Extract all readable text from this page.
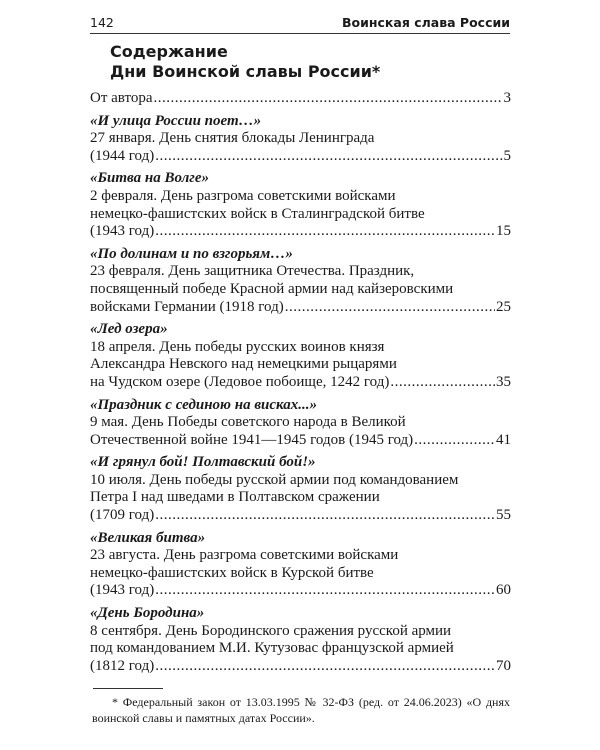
142	Воинская слава России
Содержание
Дни Воинской славы России*
От автора .....	3
«И улица России поет…»
27 января. День снятия блокады Ленинграда
(1944 год) .....	5
«Битва на Волге»
2 февраля. День разгрома советскими войсками
немецко-фашистских войск в Сталинградской битве
(1943 год) .....	15
«По долинам и по взгорьям…»
23 февраля. День защитника Отечества. Праздник,
посвященный победе Красной армии над кайзеровскими
войсками Германии (1918 год) .....	25
«Лед озера»
18 апреля. День победы русских воинов князя
Александра Невского над немецкими рыцарями
на Чудском озере (Ледовое побоище, 1242 год) .....	35
«Праздник с сединою на висках...»
9 мая. День Победы советского народа в Великой
Отечественной войне 1941—1945 годов (1945 год) .....	41
«И грянул бой! Полтавский бой!»
10 июля. День победы русской армии под командованием
Петра I над шведами в Полтавском сражении
(1709 год) .....	55
«Великая битва»
23 августа. День разгрома советскими войсками
немецко-фашистских войск в Курской битве
(1943 год) .....	60
«День Бородина»
8 сентября. День Бородинского сражения русской армии
под командованием М.И. Кутузовас французской армией
(1812 год) .....	70
* Федеральный закон от 13.03.1995 № 32-ФЗ (ред. от 24.06.2023) «О днях воинской славы и памятных датах России».
